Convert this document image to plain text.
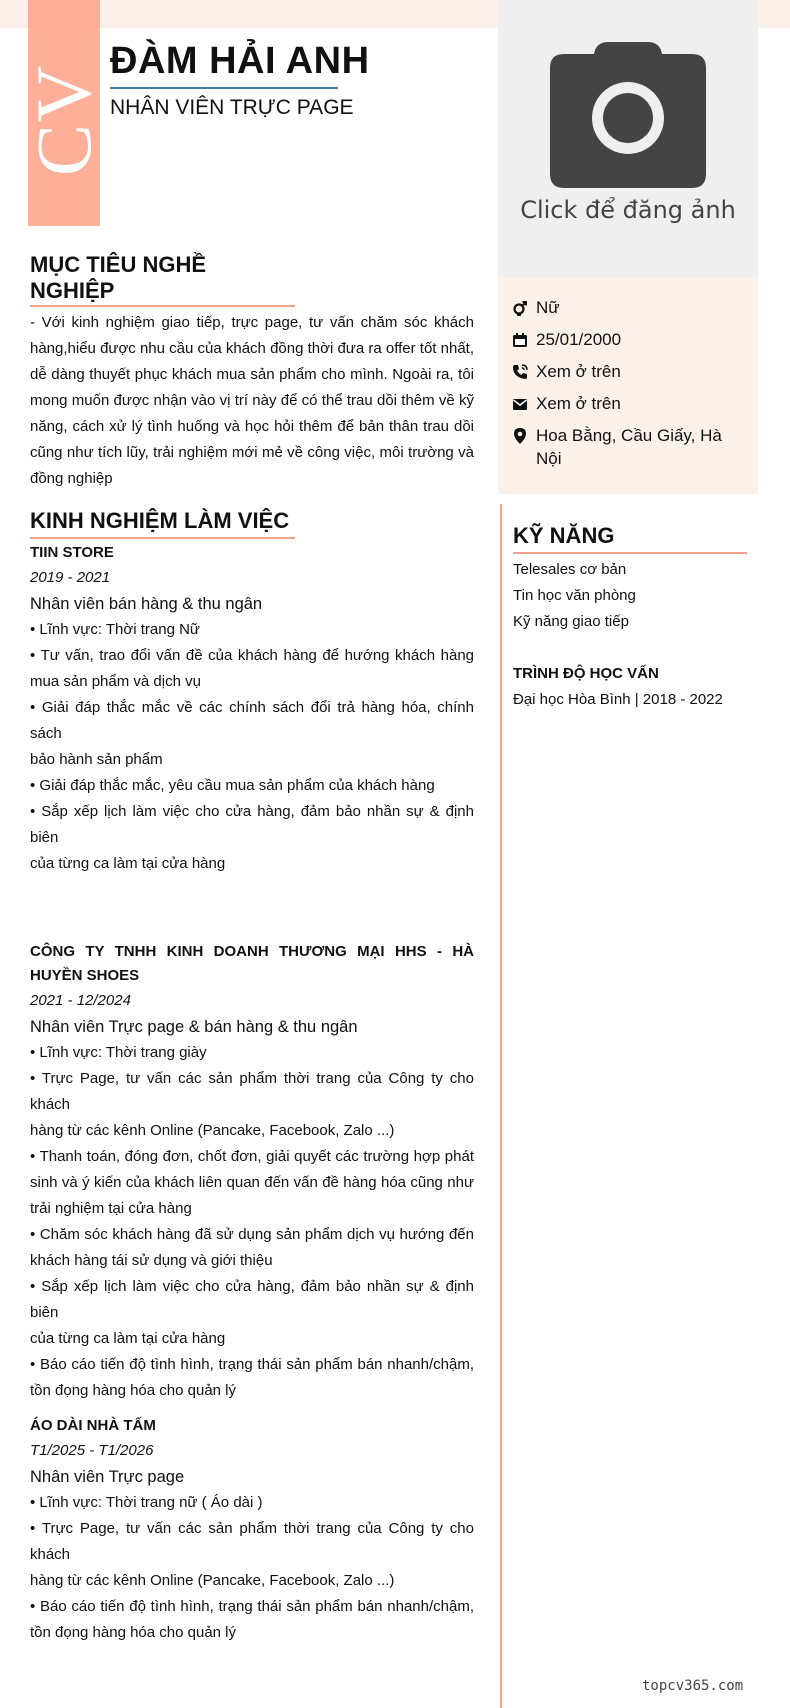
CV
ĐÀM HẢI ANH
NHÂN VIÊN TRỰC PAGE
Click để đăng ảnh
Nữ
25/01/2000
Xem ở trên
Xem ở trên
Hoa Bằng, Cầu Giấy, Hà Nội
MỤC TIÊU NGHỀ NGHIỆP
- Với kinh nghiệm giao tiếp, trực page, tư vấn chăm sóc khách hàng,hiểu được nhu cầu của khách đồng thời đưa ra offer tốt nhất, dễ dàng thuyết phục khách mua sản phẩm cho mình. Ngoài ra, tôi mong muốn được nhận vào vị trí này để có thể trau dồi thêm về kỹ năng, cách xử lý tình huống và học hỏi thêm để bản thân trau dồi cũng như tích lũy, trải nghiệm mới mẻ về công việc, môi trường và đồng nghiệp
KINH NGHIỆM LÀM VIỆC
TIIN STORE
2019 - 2021
Nhân viên bán hàng & thu ngân
• Lĩnh vực: Thời trang Nữ
• Tư vấn, trao đổi vấn đề của khách hàng để hướng khách hàng mua sản phẩm và dịch vụ
• Giải đáp thắc mắc về các chính sách đổi trả hàng hóa, chính sách
bảo hành sản phẩm
• Giải đáp thắc mắc, yêu cầu mua sản phẩm của khách hàng
• Sắp xếp lịch làm việc cho cửa hàng, đảm bảo nhần sự & định biên
của từng ca làm tại cửa hàng
CÔNG TY TNHH KINH DOANH THƯƠNG MẠI HHS - HÀ HUYỀN SHOES
2021 - 12/2024
Nhân viên Trực page & bán hàng & thu ngân
• Lĩnh vực: Thời trang giày
• Trực Page, tư vấn các sản phẩm thời trang của Công ty cho khách
hàng từ các kênh Online (Pancake, Facebook, Zalo ...)
• Thanh toán, đóng đơn, chốt đơn, giải quyết các trường hợp phát sinh và ý kiến của khách liên quan đến vấn đề hàng hóa cũng như trải nghiệm tại cửa hàng
• Chăm sóc khách hàng đã sử dụng sản phẩm dịch vụ hướng đến khách hàng tái sử dụng và giới thiệu
• Sắp xếp lịch làm việc cho cửa hàng, đảm bảo nhần sự & định biên
của từng ca làm tại cửa hàng
• Báo cáo tiến độ tình hình, trạng thái sản phẩm bán nhanh/chậm, tồn đọng hàng hóa cho quản lý
ÁO DÀI NHÀ TẤM
T1/2025 - T1/2026
Nhân viên Trực page
• Lĩnh vực: Thời trang nữ ( Áo dài )
• Trực Page, tư vấn các sản phẩm thời trang của Công ty cho khách
hàng từ các kênh Online (Pancake, Facebook, Zalo ...)
• Báo cáo tiến độ tình hình, trạng thái sản phẩm bán nhanh/chậm, tồn đọng hàng hóa cho quản lý
KỸ NĂNG
Telesales cơ bản
Tin học văn phòng
Kỹ năng giao tiếp
TRÌNH ĐỘ HỌC VẤN
Đại học Hòa Bình | 2018 - 2022
topcv365.com
